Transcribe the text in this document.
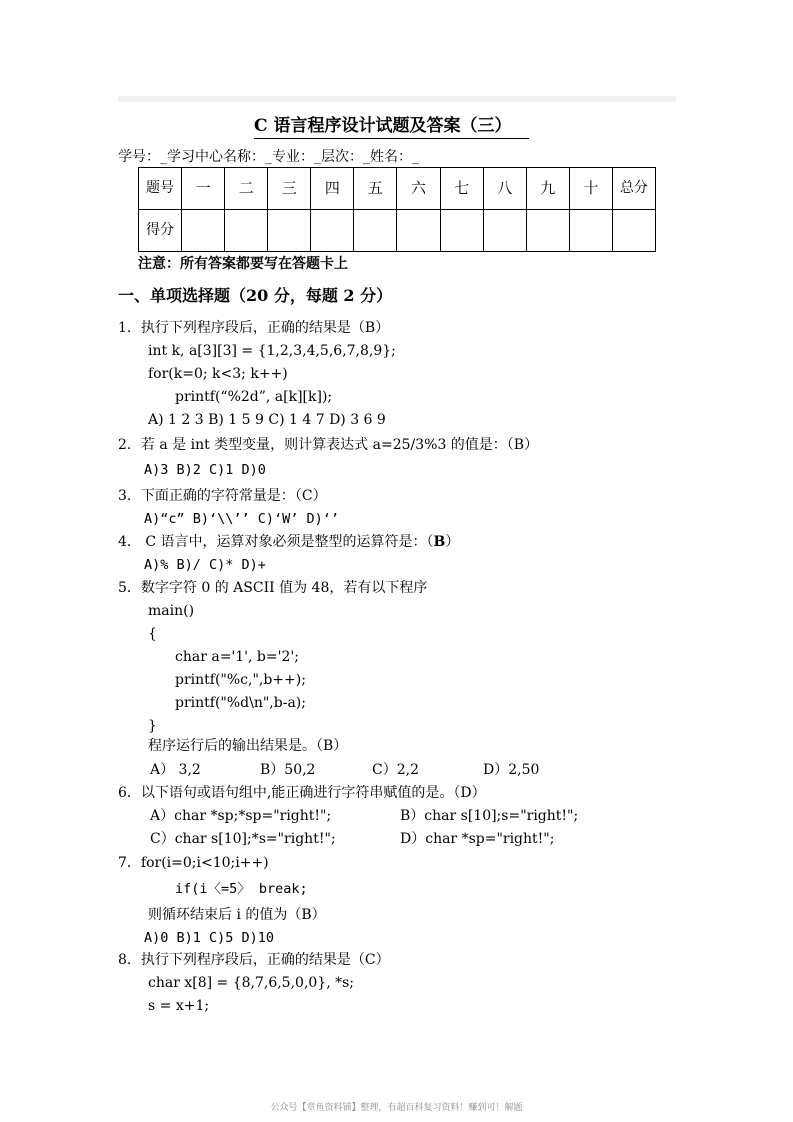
C 语言程序设计试题及答案（三）
学号：_学习中心名称：_专业：_层次：_姓名：_
题号	一	二	三	四	五	六	七	八	九	十	总分
得分											
注意：所有答案都要写在答题卡上
一、单项选择题（20 分，每题 2 分）
1．执行下列程序段后，正确的结果是（B）
int k, a[3][3] = {1,2,3,4,5,6,7,8,9};
for(k=0; k<3; k++)
printf(“%2d”, a[k][k]);
A) 1 2 3 B) 1 5 9 C) 1 4 7 D) 3 6 9
2．若 a 是 int 类型变量，则计算表达式 a=25/3%3 的值是：（B）
A)3 B)2 C)1 D)0
3．下面正确的字符常量是：（C）
A)“c” B)‘\\’’ C)‘W’ D)‘’
4． C 语言中，运算对象必须是整型的运算符是：（B）
A)% B)/ C)* D)+
5．数字字符 0 的 ASCII 值为 48，若有以下程序
main()
{
char a='1', b='2';
printf("%c,",b++);
printf("%d\n",b-a);
}
程序运行后的输出结果是。（B）
A） 3,2	B）50,2	C）2,2	D）2,50
6．以下语句或语句组中,能正确进行字符串赋值的是。（D）
A）char *sp;*sp="right!";	B）char s[10];s="right!";
C）char s[10];*s="right!";	D）char *sp="right!";
7．for(i=0;i<10;i++)
if(i〈=5〉 break;
则循环结束后 i 的值为（B）
A)0 B)1 C)5 D)10
8．执行下列程序段后，正确的结果是（C）
char x[8] = {8,7,6,5,0,0}, *s;
s = x+1;
公众号【章鱼资料铺】整理，有超百科复习资料！赚到可！解题
